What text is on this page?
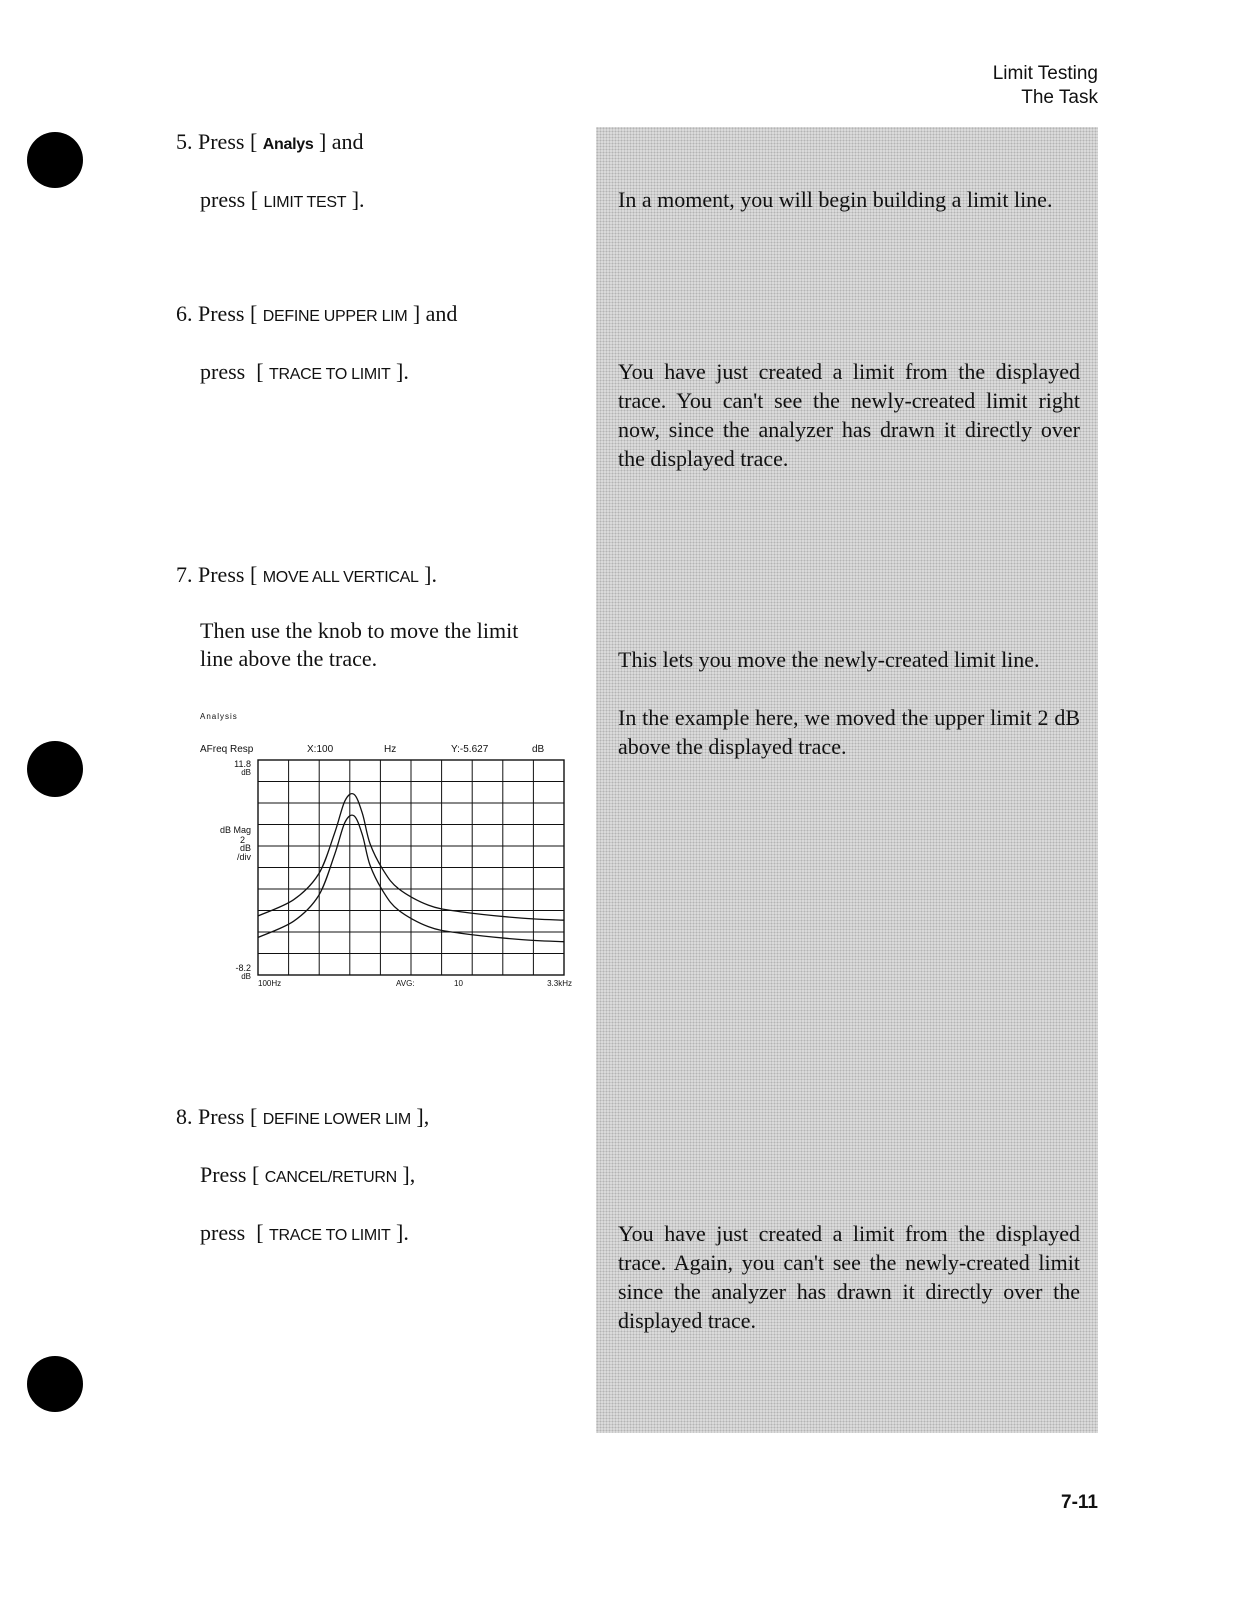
Limit Testing
The Task
5. Press [ Analys ] and
press [ LIMIT TEST ].	In a moment, you will begin building a limit line.
6. Press [ DEFINE UPPER LIM ] and
press  [ TRACE TO LIMIT ].	You have just created a limit from the displayed trace. You can't see the newly-created limit right now, since the analyzer has drawn it directly over the displayed trace.
7. Press [ MOVE ALL VERTICAL ].
Then use the knob to move the limit line above the trace.	This lets you move the newly-created limit line.
In the example here, we moved the upper limit 2 dB above the displayed trace.
Analysis
AFreq Resp	X:100	Hz	Y:-5.627	dB
11.8
dB
dB Mag
2
dB
/div
-8.2
dB
100Hz	AVG:	10	3.3kHz
8. Press [ DEFINE LOWER LIM ],
Press [ CANCEL/RETURN ],
press  [ TRACE TO LIMIT ].	You have just created a limit from the displayed trace. Again, you can't see the newly-created limit since the analyzer has drawn it directly over the displayed trace.
7-11
